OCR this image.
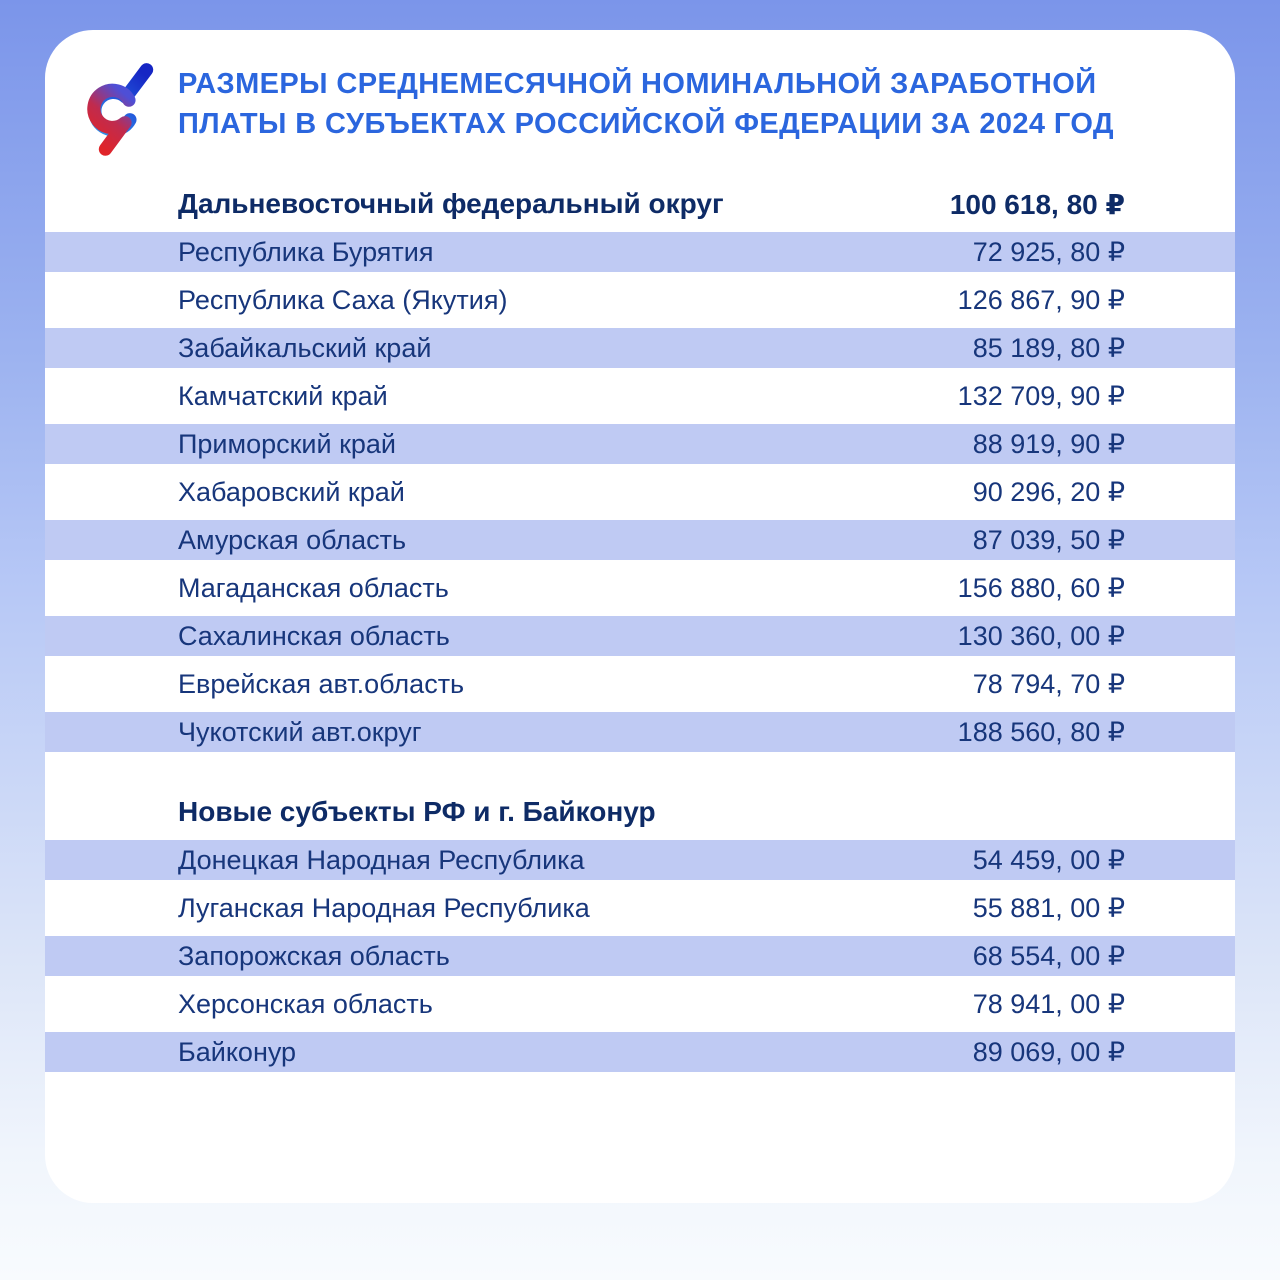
РАЗМЕРЫ СРЕДНЕМЕСЯЧНОЙ НОМИНАЛЬНОЙ ЗАРАБОТНОЙ
ПЛАТЫ В СУБЪЕКТАХ РОССИЙСКОЙ ФЕДЕРАЦИИ ЗА 2024 ГОД
Дальневосточный федеральный округ	100 618, 80 ₽
Республика Бурятия	72 925, 80 ₽
Республика Саха (Якутия)	126 867, 90 ₽
Забайкальский край	85 189, 80 ₽
Камчатский край	132 709, 90 ₽
Приморский край	88 919, 90 ₽
Хабаровский край	90 296, 20 ₽
Амурская область	87 039, 50 ₽
Магаданская область	156 880, 60 ₽
Сахалинская область	130 360, 00 ₽
Еврейская авт.область	78 794, 70 ₽
Чукотский авт.округ	188 560, 80 ₽
Новые субъекты РФ и г. Байконур
Донецкая Народная Республика	54 459, 00 ₽
Луганская Народная Республика	55 881, 00 ₽
Запорожская область	68 554, 00 ₽
Херсонская область	78 941, 00 ₽
Байконур	89 069, 00 ₽
